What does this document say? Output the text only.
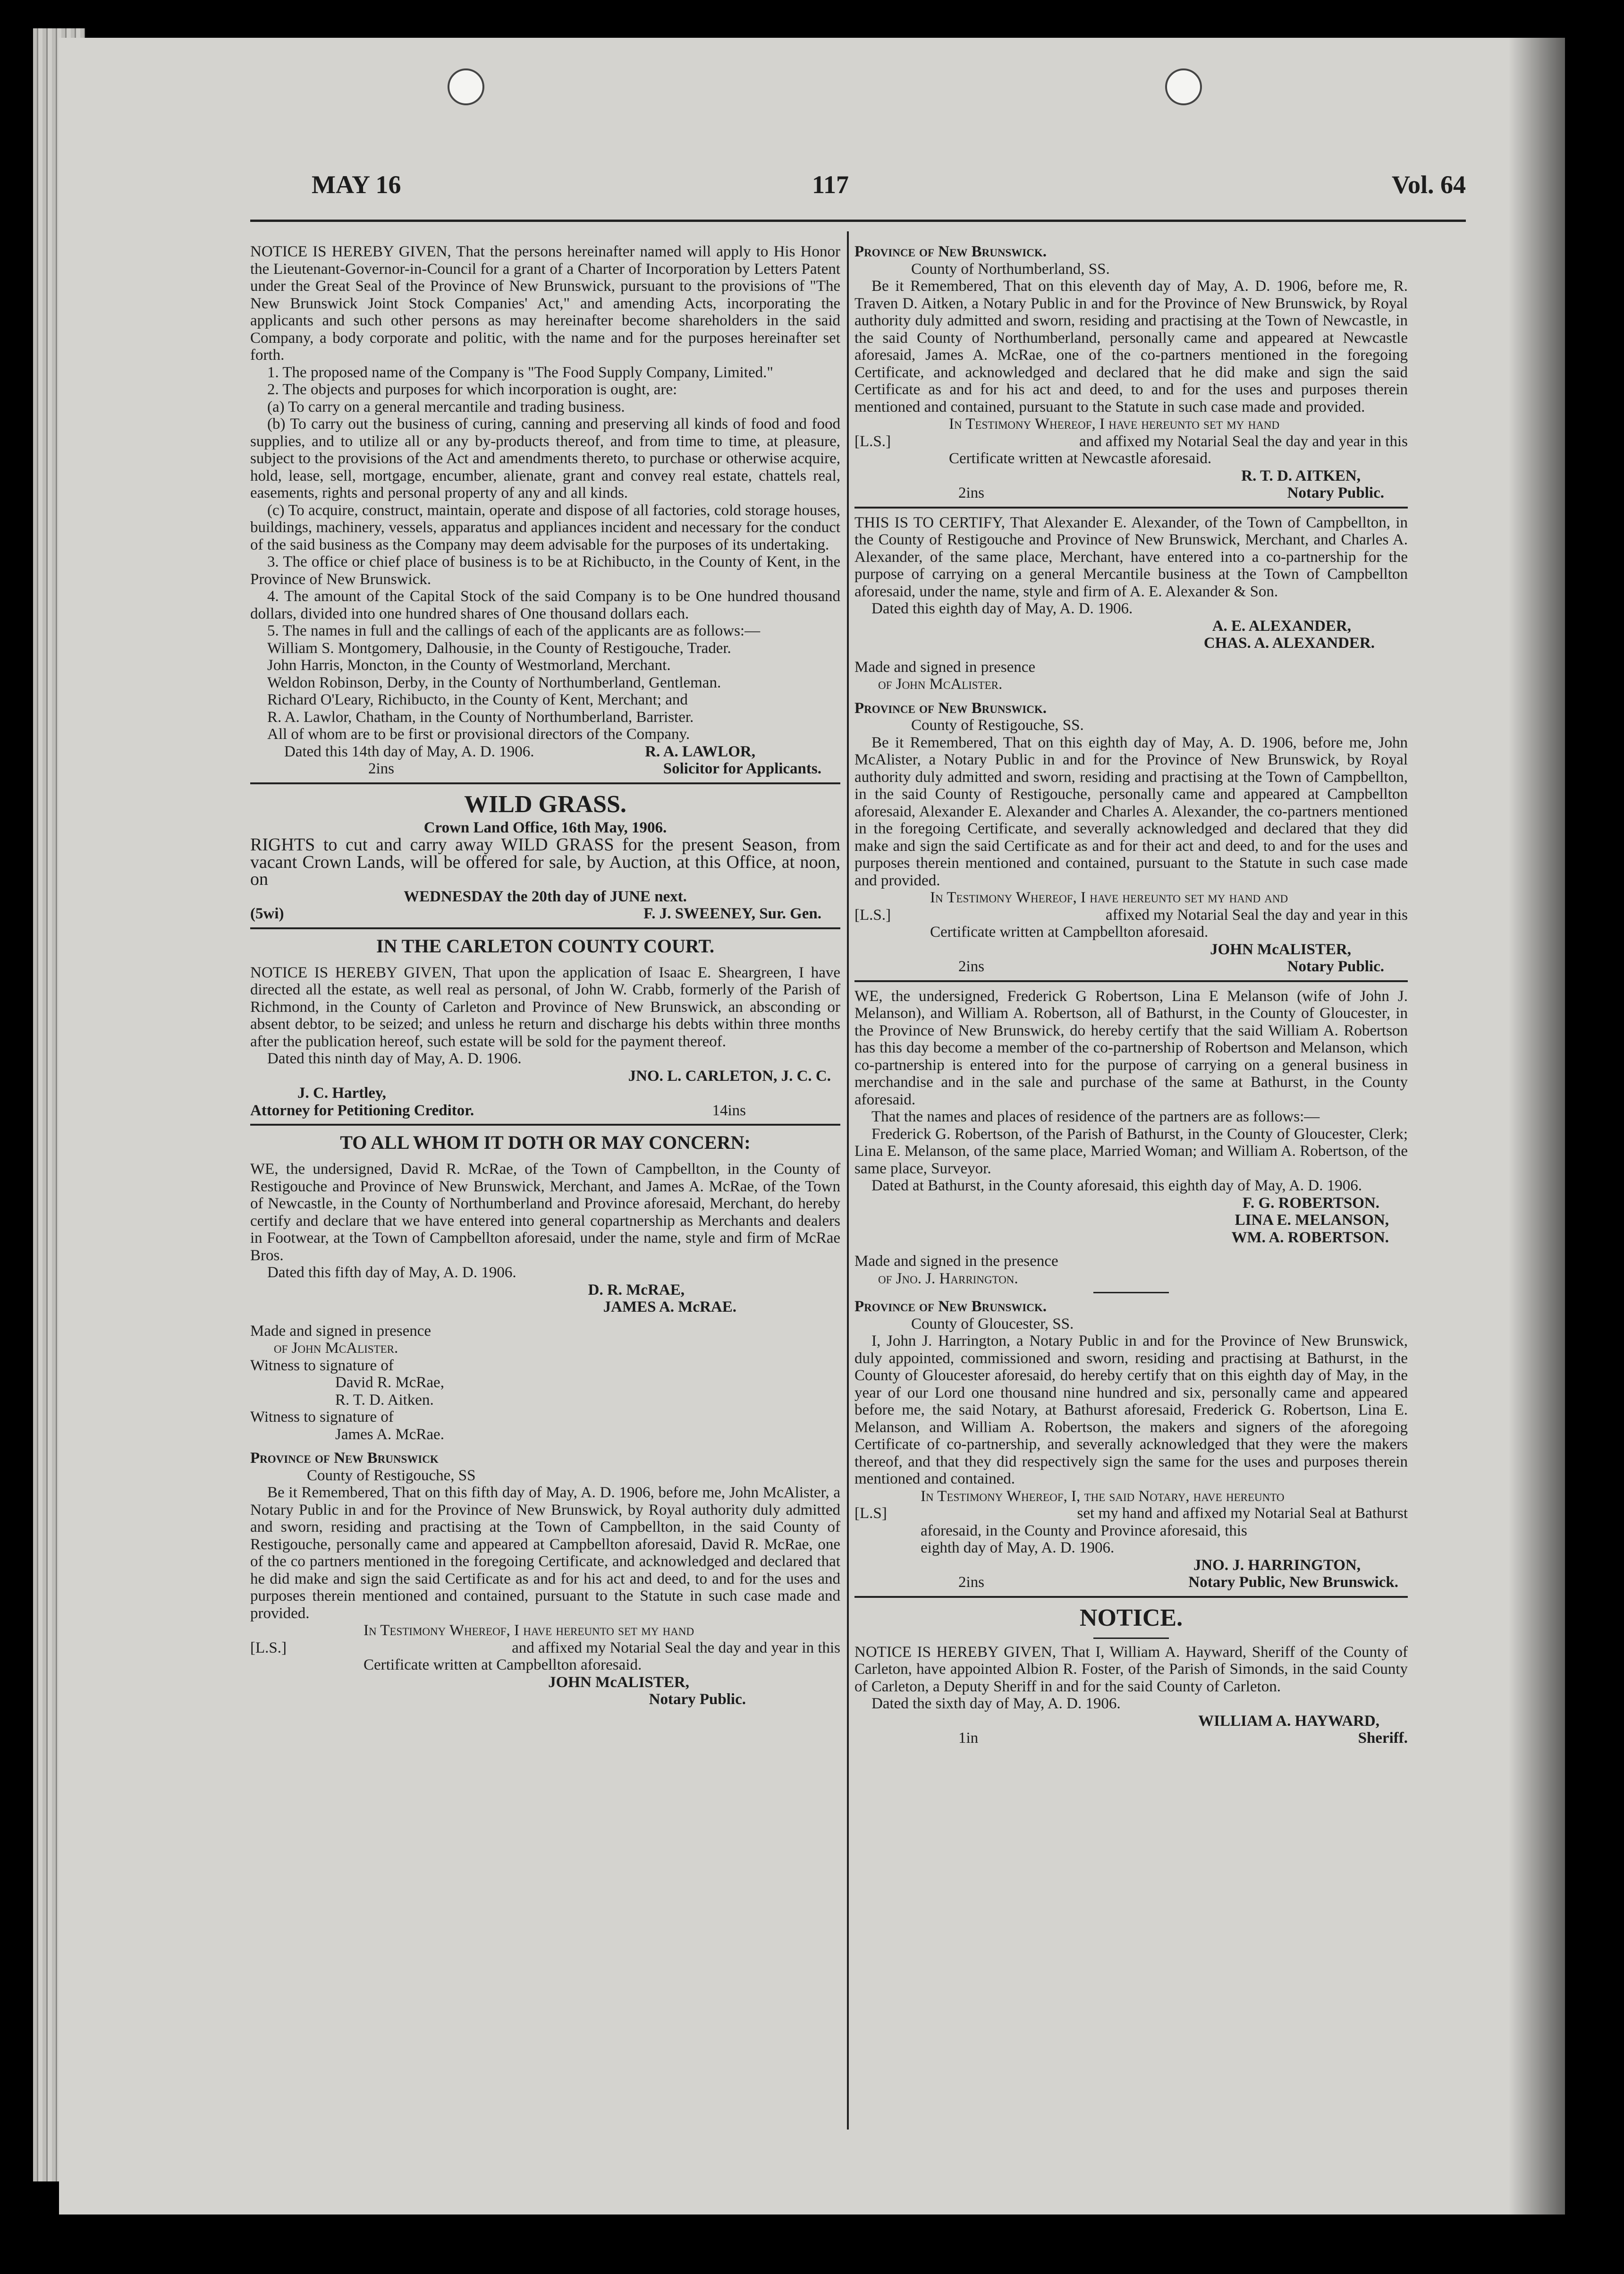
MAY 16	117	Vol. 64

NOTICE IS HEREBY GIVEN, That the persons hereinafter named will apply to His Honor the Lieutenant-Governor-in-Council for a grant of a Charter of Incorporation by Letters Patent under the Great Seal of the Province of New Brunswick, pursuant to the provisions of "The New Brunswick Joint Stock Companies' Act," and amending Acts, incorporating the applicants and such other persons as may hereinafter become shareholders in the said Company, a body corporate and politic, with the name and for the purposes hereinafter set forth.

1. The proposed name of the Company is "The Food Supply Company, Limited."

2. The objects and purposes for which incorporation is ought, are:

(a) To carry on a general mercantile and trading business.

(b) To carry out the business of curing, canning and preserving all kinds of food and food supplies, and to utilize all or any by-products thereof, and from time to time, at pleasure, subject to the provisions of the Act and amendments thereto, to purchase or otherwise acquire, hold, lease, sell, mortgage, encumber, alienate, grant and convey real estate, chattels real, easements, rights and personal property of any and all kinds.

(c) To acquire, construct, maintain, operate and dispose of all factories, cold storage houses, buildings, machinery, vessels, apparatus and appliances incident and necessary for the conduct of the said business as the Company may deem advisable for the purposes of its undertaking.

3. The office or chief place of business is to be at Richibucto, in the County of Kent, in the Province of New Brunswick.

4. The amount of the Capital Stock of the said Company is to be One hundred thousand dollars, divided into one hundred shares of One thousand dollars each.

5. The names in full and the callings of each of the applicants are as follows:—

William S. Montgomery, Dalhousie, in the County of Restigouche, Trader.

John Harris, Moncton, in the County of Westmorland, Merchant.

Weldon Robinson, Derby, in the County of Northumberland, Gentleman.

Richard O'Leary, Richibucto, in the County of Kent, Merchant; and

R. A. Lawlor, Chatham, in the County of Northumberland, Barrister.

All of whom are to be first or provisional directors of the Company.

Dated this 14th day of May, A. D. 1906.	R. A. LAWLOR,
2ins	Solicitor for Applicants.
WILD GRASS.

Crown Land Office, 16th May, 1906.

RIGHTS to cut and carry away WILD GRASS for the present Season, from vacant Crown Lands, will be offered for sale, by Auction, at this Office, at noon, on

WEDNESDAY the 20th day of JUNE next.

(5wi)	F. J. SWEENEY, Sur. Gen.
IN THE CARLETON COUNTY COURT.

NOTICE IS HEREBY GIVEN, That upon the application of Isaac E. Sheargreen, I have directed all the estate, as well real as personal, of John W. Crabb, formerly of the Parish of Richmond, in the County of Carleton and Province of New Brunswick, an absconding or absent debtor, to be seized; and unless he return and discharge his debts within three months after the publication hereof, such estate will be sold for the payment thereof.

Dated this ninth day of May, A. D. 1906.

JNO. L. CARLETON, J. C. C.

J. C. Hartley,

Attorney for Petitioning Creditor.	14ins
TO ALL WHOM IT DOTH OR MAY CONCERN:

WE, the undersigned, David R. McRae, of the Town of Campbellton, in the County of Restigouche and Province of New Brunswick, Merchant, and James A. McRae, of the Town of Newcastle, in the County of Northumberland and Province aforesaid, Merchant, do hereby certify and declare that we have entered into general copartnership as Merchants and dealers in Footwear, at the Town of Campbellton aforesaid, under the name, style and firm of McRae Bros.

Dated this fifth day of May, A. D. 1906.

D. R. McRAE,

JAMES A. McRAE.

Made and signed in presence

of John McAlister.

Witness to signature of

David R. McRae,

R. T. D. Aitken.

Witness to signature of

James A. McRae.

Province of New Brunswick

County of Restigouche, SS

Be it Remembered, That on this fifth day of May, A. D. 1906, before me, John McAlister, a Notary Public in and for the Province of New Brunswick, by Royal authority duly admitted and sworn, residing and practising at the Town of Campbellton, in the said County of Restigouche, personally came and appeared at Campbellton aforesaid, David R. McRae, one of the co partners mentioned in the foregoing Certificate, and acknowledged and declared that he did make and sign the said Certificate as and for his act and deed, to and for the uses and purposes therein mentioned and contained, pursuant to the Statute in such case made and provided.

In Testimony Whereof, I have hereunto set my hand

[L.S.]	and affixed my Notarial Seal the day and year in this

Certificate written at Campbellton aforesaid.

JOHN McALISTER,

Notary Public.

Province of New Brunswick.

County of Northumberland, SS.

Be it Remembered, That on this eleventh day of May, A. D. 1906, before me, R. Traven D. Aitken, a Notary Public in and for the Province of New Brunswick, by Royal authority duly admitted and sworn, residing and practising at the Town of Newcastle, in the said County of Northumberland, personally came and appeared at Newcastle aforesaid, James A. McRae, one of the co-partners mentioned in the foregoing Certificate, and acknowledged and declared that he did make and sign the said Certificate as and for his act and deed, to and for the uses and purposes therein mentioned and contained, pursuant to the Statute in such case made and provided.

In Testimony Whereof, I have hereunto set my hand

[L.S.]	and affixed my Notarial Seal the day and year in this

Certificate written at Newcastle aforesaid.

R. T. D. AITKEN,

2ins	Notary Public.

THIS IS TO CERTIFY, That Alexander E. Alexander, of the Town of Campbellton, in the County of Restigouche and Province of New Brunswick, Merchant, and Charles A. Alexander, of the same place, Merchant, have entered into a co-partnership for the purpose of carrying on a general Mercantile business at the Town of Campbellton aforesaid, under the name, style and firm of A. E. Alexander & Son.

Dated this eighth day of May, A. D. 1906.

A. E. ALEXANDER,

CHAS. A. ALEXANDER.

Made and signed in presence

of John McAlister.

Province of New Brunswick.

County of Restigouche, SS.

Be it Remembered, That on this eighth day of May, A. D. 1906, before me, John McAlister, a Notary Public in and for the Province of New Brunswick, by Royal authority duly admitted and sworn, residing and practising at the Town of Campbellton, in the said County of Restigouche, personally came and appeared at Campbellton aforesaid, Alexander E. Alexander and Charles A. Alexander, the co-partners mentioned in the foregoing Certificate, and severally acknowledged and declared that they did make and sign the said Certificate as and for their act and deed, to and for the uses and purposes therein mentioned and contained, pursuant to the Statute in such case made and provided.

In Testimony Whereof, I have hereunto set my hand and

[L.S.]	affixed my Notarial Seal the day and year in this

Certificate written at Campbellton aforesaid.

JOHN McALISTER,

2ins	Notary Public.

WE, the undersigned, Frederick G Robertson, Lina E Melanson (wife of John J. Melanson), and William A. Robertson, all of Bathurst, in the County of Gloucester, in the Province of New Brunswick, do hereby certify that the said William A. Robertson has this day become a member of the co-partnership of Robertson and Melanson, which co-partnership is entered into for the purpose of carrying on a general business in merchandise and in the sale and purchase of the same at Bathurst, in the County aforesaid.

That the names and places of residence of the partners are as follows:—

Frederick G. Robertson, of the Parish of Bathurst, in the County of Gloucester, Clerk; Lina E. Melanson, of the same place, Married Woman; and William A. Robertson, of the same place, Surveyor.

Dated at Bathurst, in the County aforesaid, this eighth day of May, A. D. 1906.

F. G. ROBERTSON.

LINA E. MELANSON,

WM. A. ROBERTSON.

Made and signed in the presence

of Jno. J. Harrington.

Province of New Brunswick.

County of Gloucester, SS.

I, John J. Harrington, a Notary Public in and for the Province of New Brunswick, duly appointed, commissioned and sworn, residing and practising at Bathurst, in the County of Gloucester aforesaid, do hereby certify that on this eighth day of May, in the year of our Lord one thousand nine hundred and six, personally came and appeared before me, the said Notary, at Bathurst aforesaid, Frederick G. Robertson, Lina E. Melanson, and William A. Robertson, the makers and signers of the aforegoing Certificate of co-partnership, and severally acknowledged that they were the makers thereof, and that they did respectively sign the same for the uses and purposes therein mentioned and contained.

In Testimony Whereof, I, the said Notary, have hereunto

[L.S]	set my hand and affixed my Notarial Seal at Bathurst

aforesaid, in the County and Province aforesaid, this

eighth day of May, A. D. 1906.

JNO. J. HARRINGTON,

2ins	Notary Public, New Brunswick.
NOTICE.

NOTICE IS HEREBY GIVEN, That I, William A. Hayward, Sheriff of the County of Carleton, have appointed Albion R. Foster, of the Parish of Simonds, in the said County of Carleton, a Deputy Sheriff in and for the said County of Carleton.

Dated the sixth day of May, A. D. 1906.

WILLIAM A. HAYWARD,

1in	Sheriff.
